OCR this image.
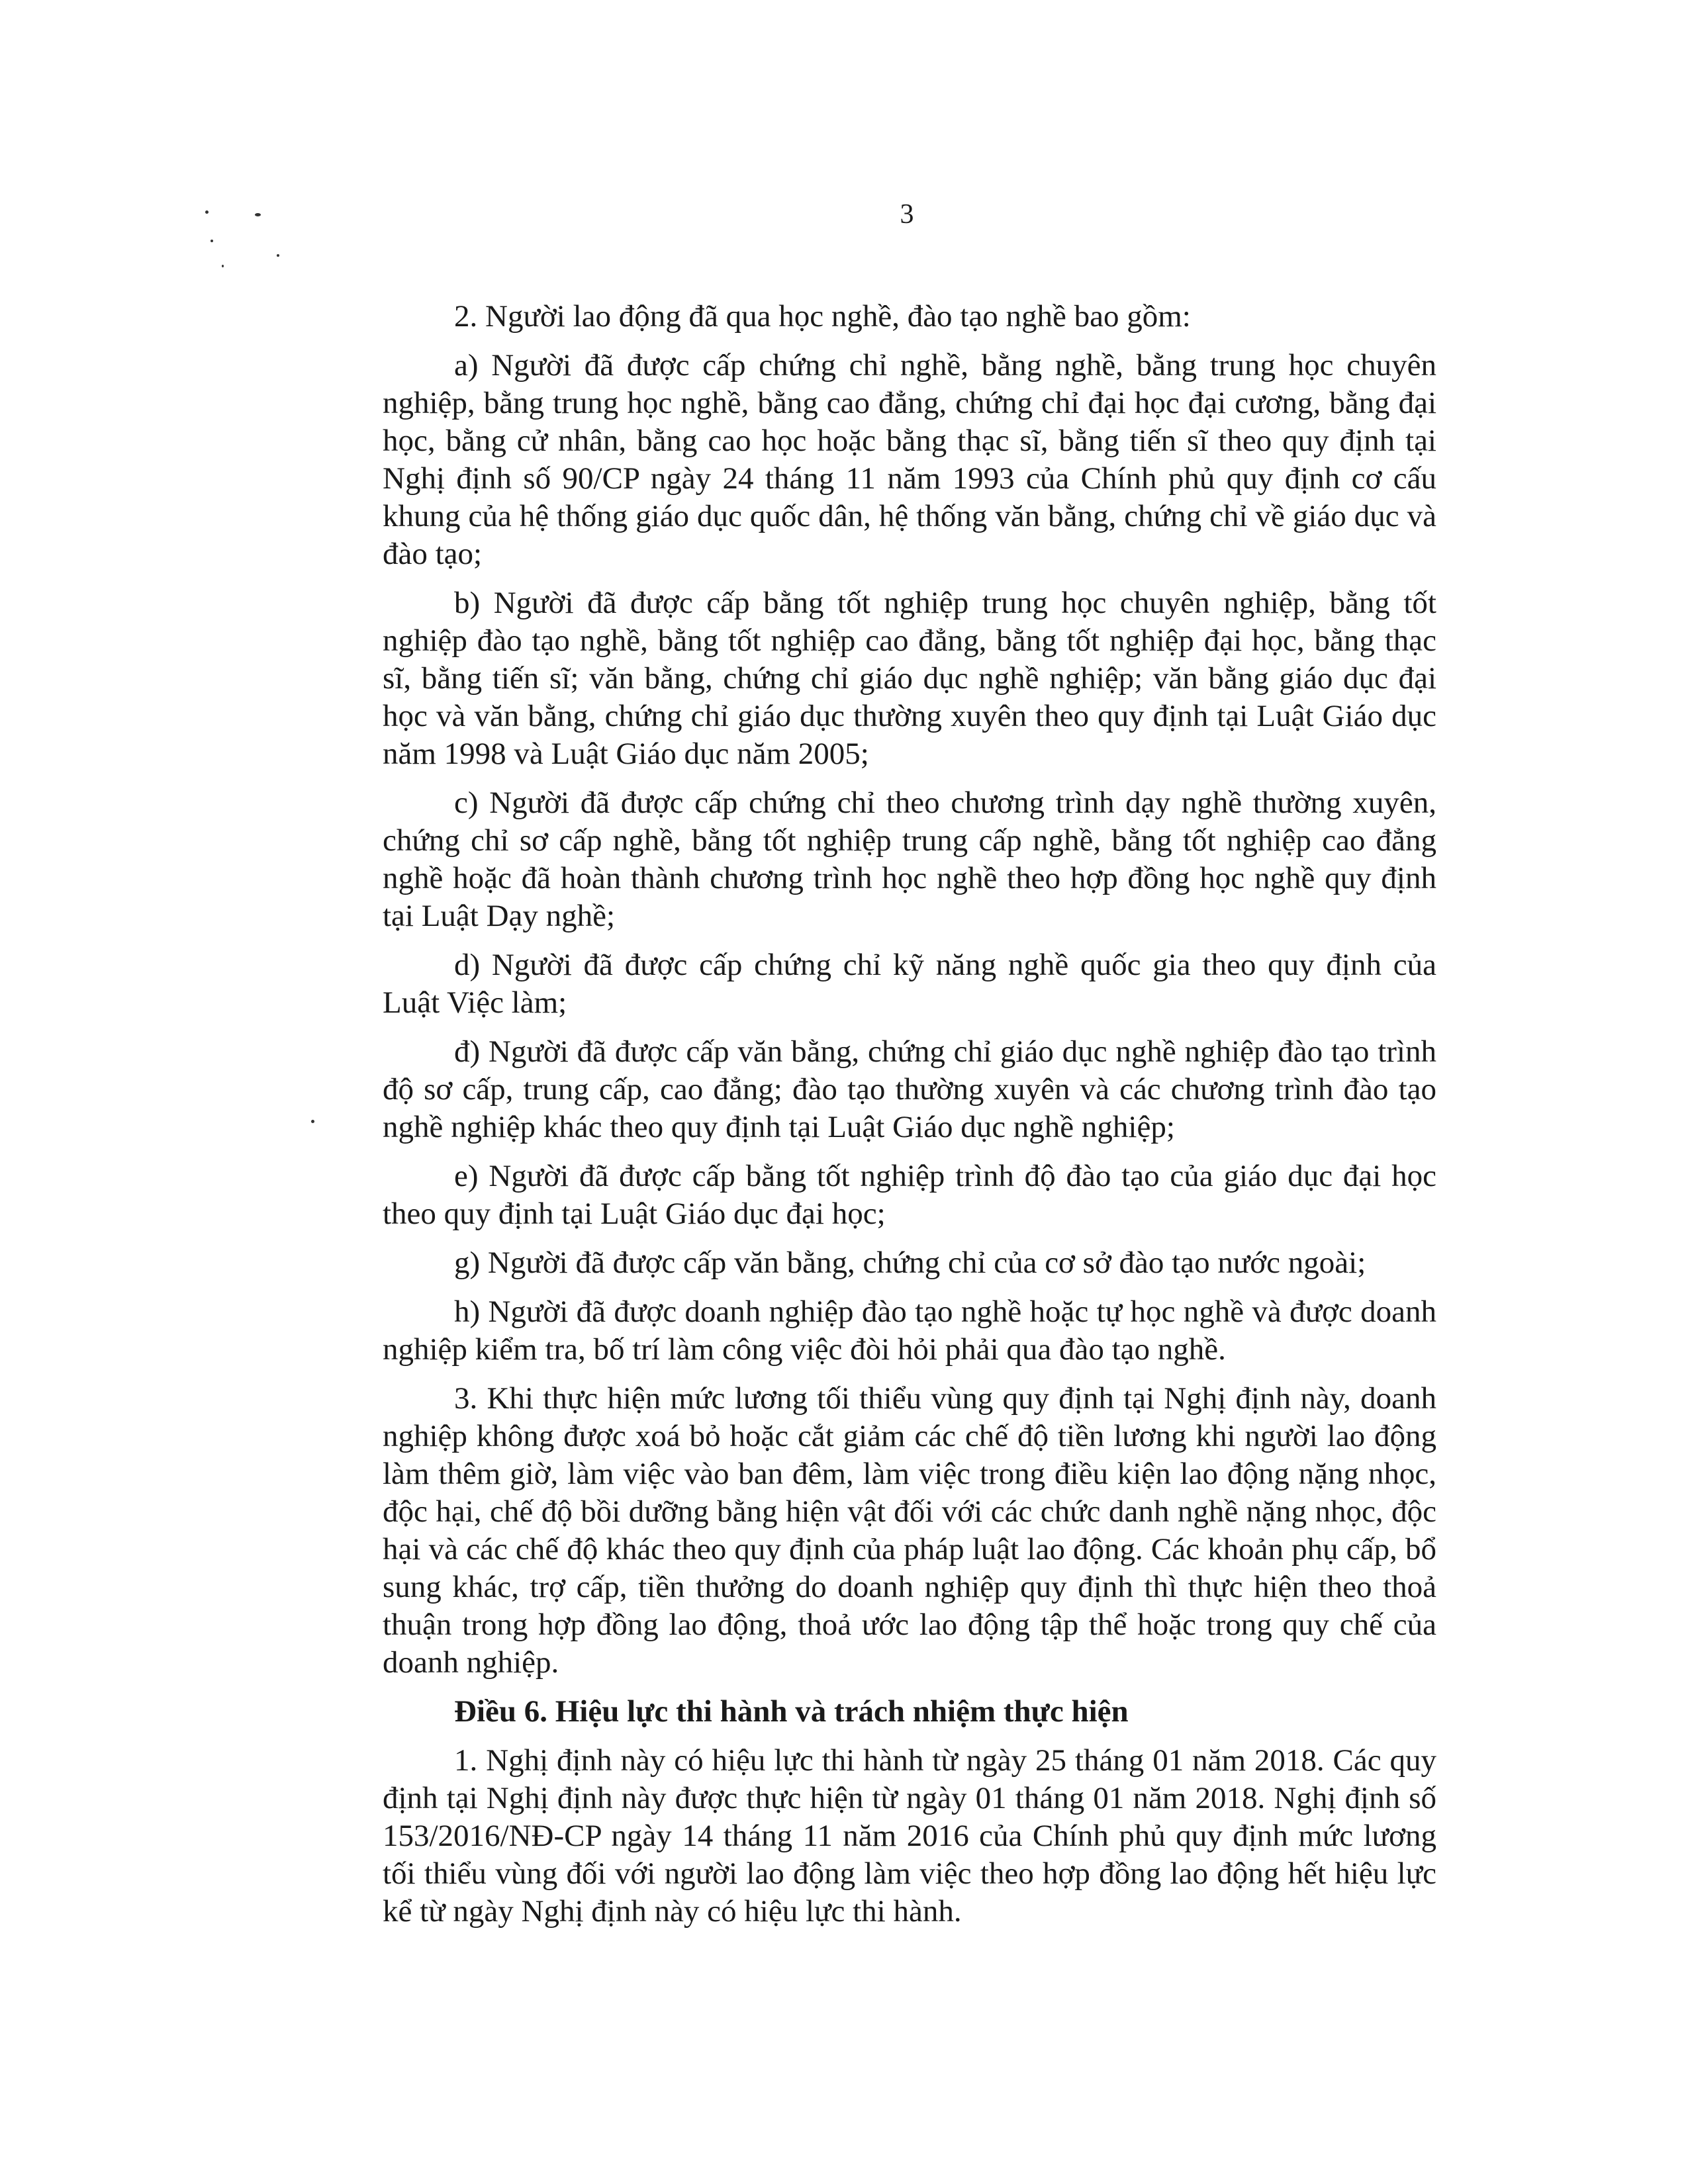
3

2. Người lao động đã qua học nghề, đào tạo nghề bao gồm:

a) Người đã được cấp chứng chỉ nghề, bằng nghề, bằng trung học chuyên nghiệp, bằng trung học nghề, bằng cao đẳng, chứng chỉ đại học đại cương, bằng đại học, bằng cử nhân, bằng cao học hoặc bằng thạc sĩ, bằng tiến sĩ theo quy định tại Nghị định số 90/CP ngày 24 tháng 11 năm 1993 của Chính phủ quy định cơ cấu khung của hệ thống giáo dục quốc dân, hệ thống văn bằng, chứng chỉ về giáo dục và đào tạo;

b) Người đã được cấp bằng tốt nghiệp trung học chuyên nghiệp, bằng tốt nghiệp đào tạo nghề, bằng tốt nghiệp cao đẳng, bằng tốt nghiệp đại học, bằng thạc sĩ, bằng tiến sĩ; văn bằng, chứng chỉ giáo dục nghề nghiệp; văn bằng giáo dục đại học và văn bằng, chứng chỉ giáo dục thường xuyên theo quy định tại Luật Giáo dục năm 1998 và Luật Giáo dục năm 2005;

c) Người đã được cấp chứng chỉ theo chương trình dạy nghề thường xuyên, chứng chỉ sơ cấp nghề, bằng tốt nghiệp trung cấp nghề, bằng tốt nghiệp cao đẳng nghề hoặc đã hoàn thành chương trình học nghề theo hợp đồng học nghề quy định tại Luật Dạy nghề;

d) Người đã được cấp chứng chỉ kỹ năng nghề quốc gia theo quy định của Luật Việc làm;

đ) Người đã được cấp văn bằng, chứng chỉ giáo dục nghề nghiệp đào tạo trình độ sơ cấp, trung cấp, cao đẳng; đào tạo thường xuyên và các chương trình đào tạo nghề nghiệp khác theo quy định tại Luật Giáo dục nghề nghiệp;

e) Người đã được cấp bằng tốt nghiệp trình độ đào tạo của giáo dục đại học theo quy định tại Luật Giáo dục đại học;

g) Người đã được cấp văn bằng, chứng chỉ của cơ sở đào tạo nước ngoài;

h) Người đã được doanh nghiệp đào tạo nghề hoặc tự học nghề và được doanh nghiệp kiểm tra, bố trí làm công việc đòi hỏi phải qua đào tạo nghề.

3. Khi thực hiện mức lương tối thiểu vùng quy định tại Nghị định này, doanh nghiệp không được xoá bỏ hoặc cắt giảm các chế độ tiền lương khi người lao động làm thêm giờ, làm việc vào ban đêm, làm việc trong điều kiện lao động nặng nhọc, độc hại, chế độ bồi dưỡng bằng hiện vật đối với các chức danh nghề nặng nhọc, độc hại và các chế độ khác theo quy định của pháp luật lao động. Các khoản phụ cấp, bổ sung khác, trợ cấp, tiền thưởng do doanh nghiệp quy định thì thực hiện theo thoả thuận trong hợp đồng lao động, thoả ước lao động tập thể hoặc trong quy chế của doanh nghiệp.

Điều 6. Hiệu lực thi hành và trách nhiệm thực hiện

1. Nghị định này có hiệu lực thi hành từ ngày 25 tháng 01 năm 2018. Các quy định tại Nghị định này được thực hiện từ ngày 01 tháng 01 năm 2018. Nghị định số 153/2016/NĐ-CP ngày 14 tháng 11 năm 2016 của Chính phủ quy định mức lương tối thiểu vùng đối với người lao động làm việc theo hợp đồng lao động hết hiệu lực kể từ ngày Nghị định này có hiệu lực thi hành.
